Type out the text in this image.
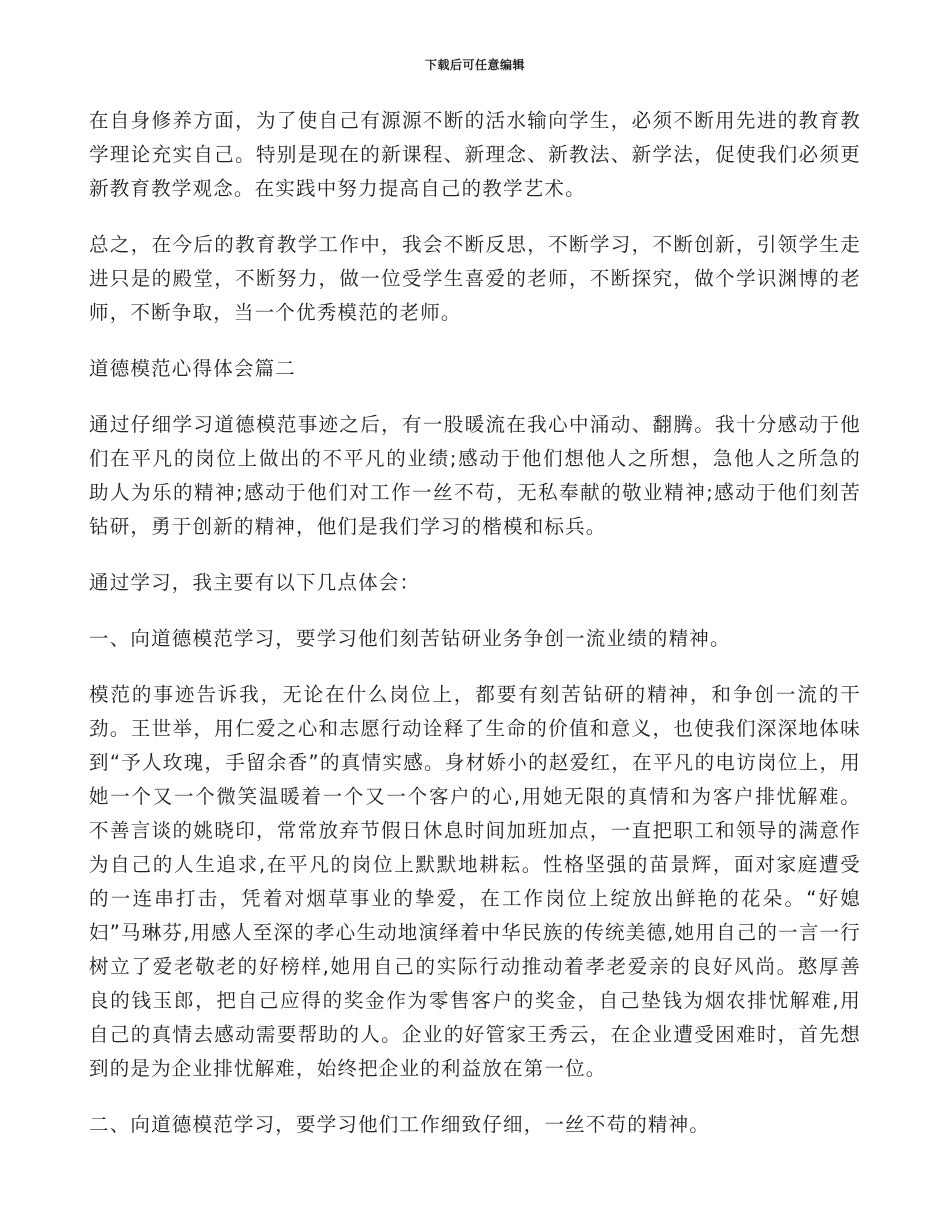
下载后可任意编辑

在自身修养方面，为了使自己有源源不断的活水输向学生，必须不断用先进的教育教学理论充实自己。特别是现在的新课程、新理念、新教法、新学法，促使我们必须更新教育教学观念。在实践中努力提高自己的教学艺术。

总之，在今后的教育教学工作中，我会不断反思，不断学习，不断创新，引领学生走进只是的殿堂，不断努力，做一位受学生喜爱的老师，不断探究，做个学识渊博的老师，不断争取，当一个优秀模范的老师。

道德模范心得体会篇二

通过仔细学习道德模范事迹之后，有一股暖流在我心中涌动、翻腾。我十分感动于他们在平凡的岗位上做出的不平凡的业绩;感动于他们想他人之所想，急他人之所急的助人为乐的精神;感动于他们对工作一丝不苟，无私奉献的敬业精神;感动于他们刻苦钻研，勇于创新的精神，他们是我们学习的楷模和标兵。

通过学习，我主要有以下几点体会：

一、向道德模范学习，要学习他们刻苦钻研业务争创一流业绩的精神。

模范的事迹告诉我，无论在什么岗位上，都要有刻苦钻研的精神，和争创一流的干劲。王世举，用仁爱之心和志愿行动诠释了生命的价值和意义，也使我们深深地体味到“予人玫瑰，手留余香”的真情实感。身材娇小的赵爱红，在平凡的电访岗位上，用她一个又一个微笑温暖着一个又一个客户的心,用她无限的真情和为客户排忧解难。不善言谈的姚晓印，常常放弃节假日休息时间加班加点，一直把职工和领导的满意作为自己的人生追求,在平凡的岗位上默默地耕耘。性格坚强的苗景辉，面对家庭遭受的一连串打击，凭着对烟草事业的挚爱，在工作岗位上绽放出鲜艳的花朵。“好媳妇”马琳芬,用感人至深的孝心生动地演绎着中华民族的传统美德,她用自己的一言一行树立了爱老敬老的好榜样,她用自己的实际行动推动着孝老爱亲的良好风尚。憨厚善良的钱玉郎，把自己应得的奖金作为零售客户的奖金，自己垫钱为烟农排忧解难,用自己的真情去感动需要帮助的人。企业的好管家王秀云，在企业遭受困难时，首先想到的是为企业排忧解难，始终把企业的利益放在第一位。

二、向道德模范学习，要学习他们工作细致仔细，一丝不苟的精神。
